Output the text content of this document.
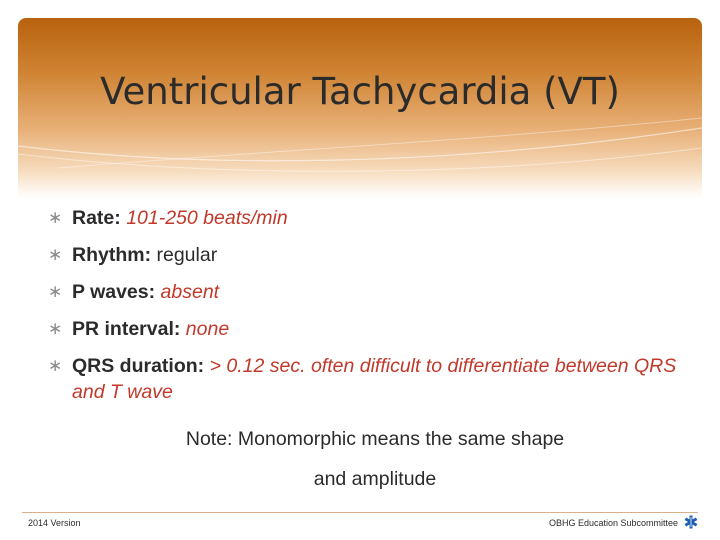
Ventricular Tachycardia (VT)
∗ Rate: 101-250 beats/min
∗ Rhythm: regular
∗ P waves: absent
∗ PR interval: none
∗ QRS duration: > 0.12 sec. often difficult to differentiate between QRS and T wave
Note: Monomorphic means the same shape
and amplitude
2014 Version	OBHG Education Subcommittee
